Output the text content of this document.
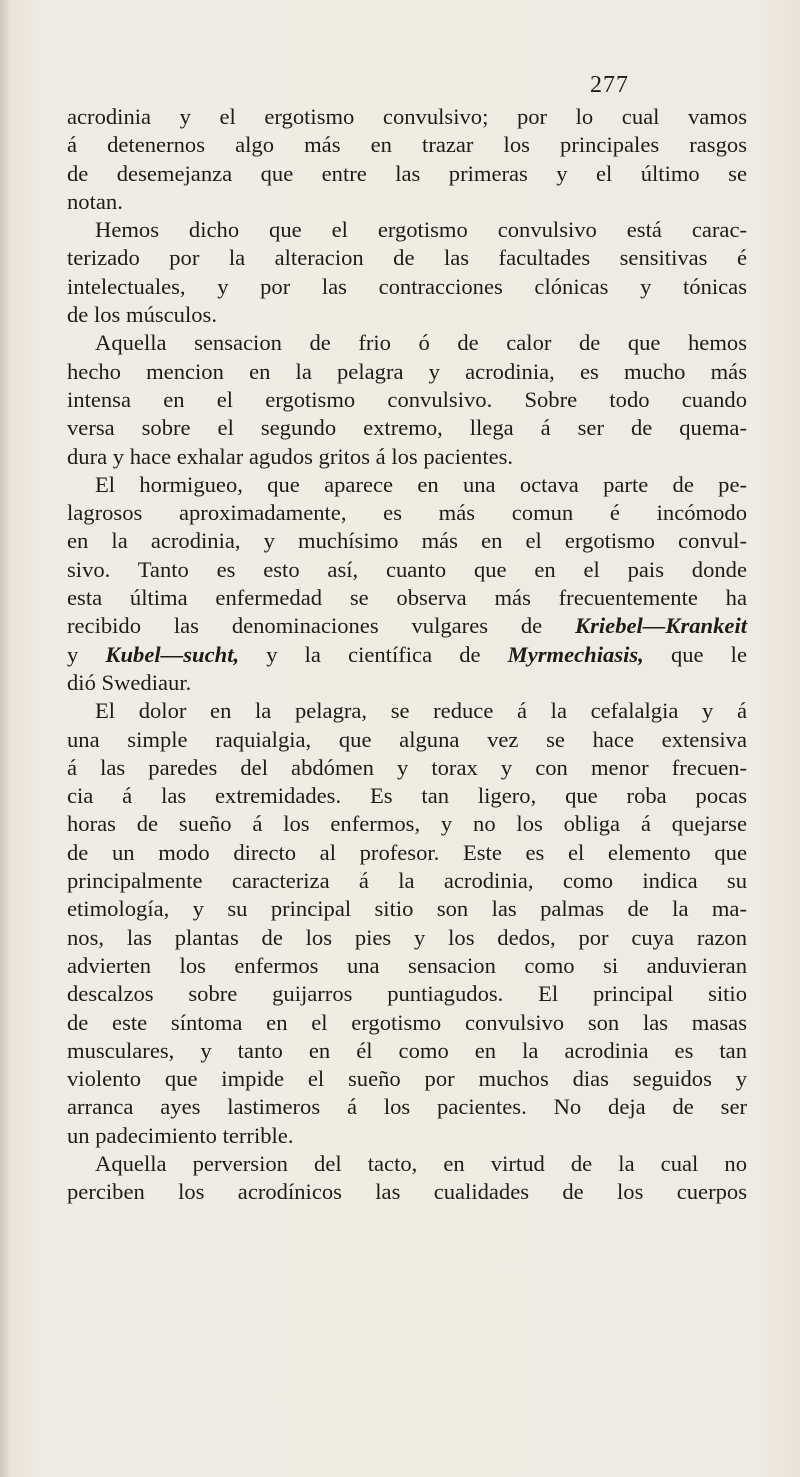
277
acrodinia y el ergotismo convulsivo; por lo cual vamos
á detenernos algo más en trazar los principales rasgos
de desemejanza que entre las primeras y el último se
notan.
Hemos dicho que el ergotismo convulsivo está carac-
terizado por la alteracion de las facultades sensitivas é
intelectuales, y por las contracciones clónicas y tónicas
de los músculos.
Aquella sensacion de frio ó de calor de que hemos
hecho mencion en la pelagra y acrodinia, es mucho más
intensa en el ergotismo convulsivo. Sobre todo cuando
versa sobre el segundo extremo, llega á ser de quema-
dura y hace exhalar agudos gritos á los pacientes.
El hormigueo, que aparece en una octava parte de pe-
lagrosos aproximadamente, es más comun é incómodo
en la acrodinia, y muchísimo más en el ergotismo convul-
sivo. Tanto es esto así, cuanto que en el pais donde
esta última enfermedad se observa más frecuentemente ha
recibido las denominaciones vulgares de Kriebel—Krankeit
y Kubel—sucht, y la científica de Myrmechiasis, que le
dió Swediaur.
El dolor en la pelagra, se reduce á la cefalalgia y á
una simple raquialgia, que alguna vez se hace extensiva
á las paredes del abdómen y torax y con menor frecuen-
cia á las extremidades. Es tan ligero, que roba pocas
horas de sueño á los enfermos, y no los obliga á quejarse
de un modo directo al profesor. Este es el elemento que
principalmente caracteriza á la acrodinia, como indica su
etimología, y su principal sitio son las palmas de la ma-
nos, las plantas de los pies y los dedos, por cuya razon
advierten los enfermos una sensacion como si anduvieran
descalzos sobre guijarros puntiagudos. El principal sitio
de este síntoma en el ergotismo convulsivo son las masas
musculares, y tanto en él como en la acrodinia es tan
violento que impide el sueño por muchos dias seguidos y
arranca ayes lastimeros á los pacientes. No deja de ser
un padecimiento terrible.
Aquella perversion del tacto, en virtud de la cual no
perciben los acrodínicos las cualidades de los cuerpos
